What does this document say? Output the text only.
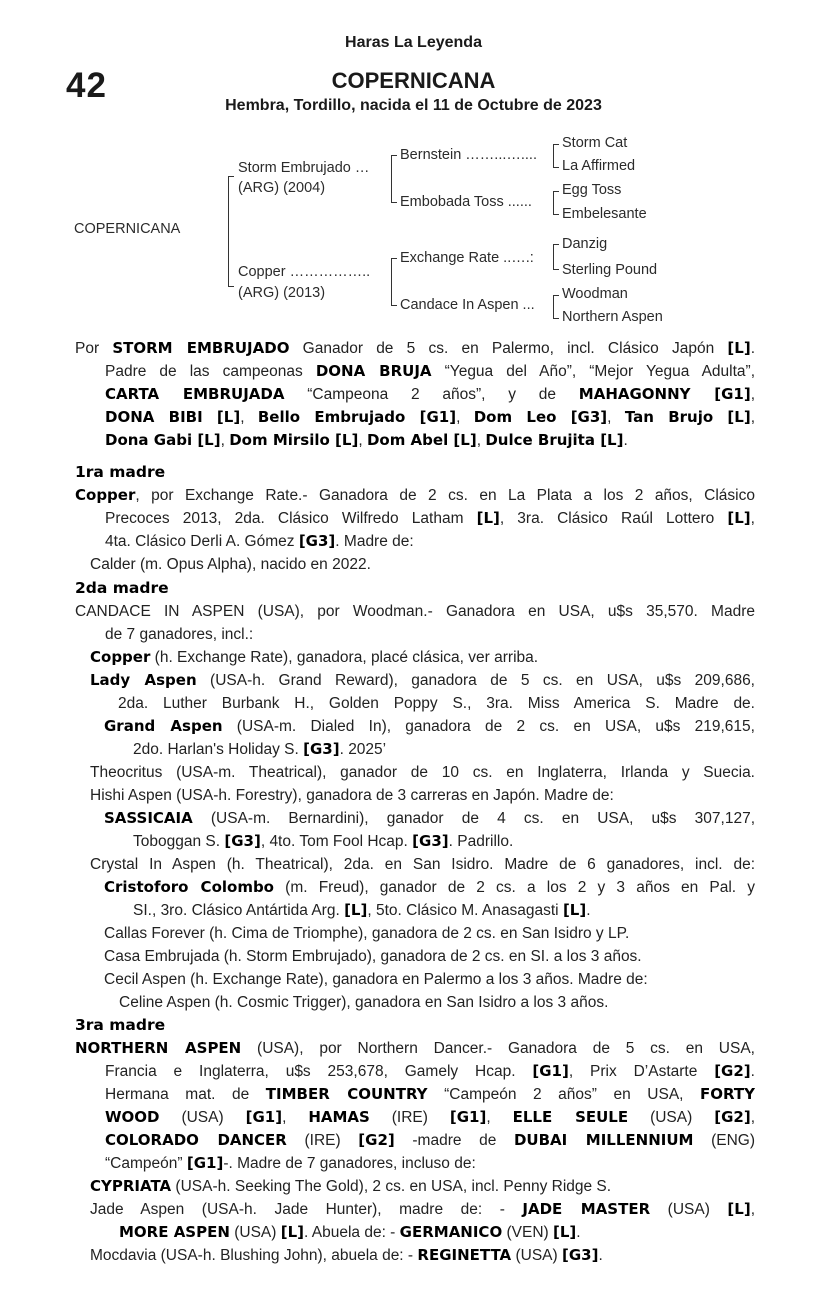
Haras La Leyenda
42	COPERNICANA
Hembra, Tordillo, nacida el 11 de Octubre de 2023
COPERNICANA
Storm Embrujado …
(ARG) (2004)
Copper ……………..
(ARG) (2013)
Bernstein ……...…....
Embobada Toss ......
Exchange Rate ..….:
Candace In Aspen ...
Storm Cat
La Affirmed
Egg Toss
Embelesante
Danzig
Sterling Pound
Woodman
Northern Aspen
Por STORM EMBRUJADO Ganador de 5 cs. en Palermo, incl. Clásico Japón [L].
Padre de las campeonas DONA BRUJA “Yegua del Año”, “Mejor Yegua Adulta”,
CARTA EMBRUJADA “Campeona 2 años”, y de MAHAGONNY [G1],
DONA BIBI [L], Bello Embrujado [G1], Dom Leo [G3], Tan Brujo [L],
Dona Gabi [L], Dom Mirsilo [L], Dom Abel [L], Dulce Brujita [L].
1ra madre
Copper, por Exchange Rate.- Ganadora de 2 cs. en La Plata a los 2 años, Clásico
Precoces 2013, 2da. Clásico Wilfredo Latham [L], 3ra. Clásico Raúl Lottero [L],
4ta. Clásico Derli A. Gómez [G3]. Madre de:
Calder (m. Opus Alpha), nacido en 2022.
2da madre
CANDACE IN ASPEN (USA), por Woodman.- Ganadora en USA, u$s 35,570. Madre
de 7 ganadores, incl.:
Copper (h. Exchange Rate), ganadora, placé clásica, ver arriba.
Lady Aspen (USA-h. Grand Reward), ganadora de 5 cs. en USA, u$s 209,686,
2da. Luther Burbank H., Golden Poppy S., 3ra. Miss America S. Madre de.
Grand Aspen (USA-m. Dialed In), ganadora de 2 cs. en USA, u$s 219,615,
2do. Harlan's Holiday S. [G3]. 2025’
Theocritus (USA-m. Theatrical), ganador de 10 cs. en Inglaterra, Irlanda y Suecia.
Hishi Aspen (USA-h. Forestry), ganadora de 3 carreras en Japón. Madre de:
SASSICAIA (USA-m. Bernardini), ganador de 4 cs. en USA, u$s 307,127,
Toboggan S. [G3], 4to. Tom Fool Hcap. [G3]. Padrillo.
Crystal In Aspen (h. Theatrical), 2da. en San Isidro. Madre de 6 ganadores, incl. de:
Cristoforo Colombo (m. Freud), ganador de 2 cs. a los 2 y 3 años en Pal. y
SI., 3ro. Clásico Antártida Arg. [L], 5to. Clásico M. Anasagasti [L].
Callas Forever (h. Cima de Triomphe), ganadora de 2 cs. en San Isidro y LP.
Casa Embrujada (h. Storm Embrujado), ganadora de 2 cs. en SI. a los 3 años.
Cecil Aspen (h. Exchange Rate), ganadora en Palermo a los 3 años. Madre de:
Celine Aspen (h. Cosmic Trigger), ganadora en San Isidro a los 3 años.
3ra madre
NORTHERN ASPEN (USA), por Northern Dancer.- Ganadora de 5 cs. en USA,
Francia e Inglaterra, u$s 253,678, Gamely Hcap. [G1], Prix D’Astarte [G2].
Hermana mat. de TIMBER COUNTRY “Campeón 2 años” en USA, FORTY
WOOD (USA) [G1], HAMAS (IRE) [G1], ELLE SEULE (USA) [G2],
COLORADO DANCER (IRE) [G2] -madre de DUBAI MILLENNIUM (ENG)
“Campeón” [G1]-. Madre de 7 ganadores, incluso de:
CYPRIATA (USA-h. Seeking The Gold), 2 cs. en USA, incl. Penny Ridge S.
Jade Aspen (USA-h. Jade Hunter), madre de: - JADE MASTER (USA) [L],
MORE ASPEN (USA) [L]. Abuela de: - GERMANICO (VEN) [L].
Mocdavia (USA-h. Blushing John), abuela de: - REGINETTA (USA) [G3].
